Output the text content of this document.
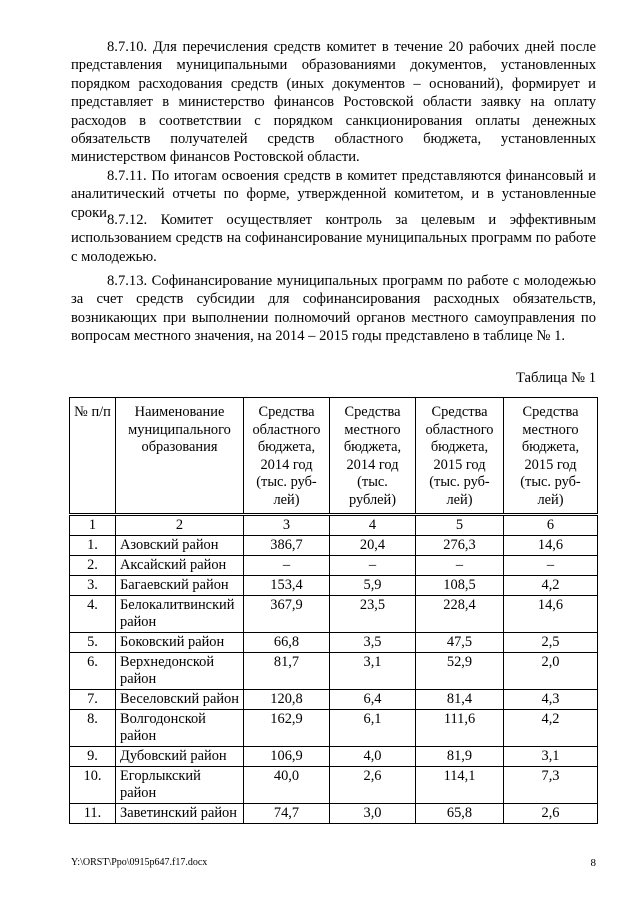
8.7.10. Для перечисления средств комитет в течение 20 рабочих дней после представления муниципальными образованиями документов, установленных порядком расходования средств (иных документов – оснований), формирует и представляет в министерство финансов Ростовской области заявку на оплату расходов в соответствии с порядком санкционирования оплаты денежных обязательств получателей средств областного бюджета, установленных министерством финансов Ростовской области.

8.7.11. По итогам освоения средств в комитет представляются финансовый и аналитический отчеты по форме, утвержденной комитетом, и в установленные сроки.

8.7.12. Комитет осуществляет контроль за целевым и эффективным использованием средств на софинансирование муниципальных программ по работе с молодежью.

8.7.13. Софинансирование муниципальных программ по работе с молодежью за счет средств субсидии для софинансирования расходных обязательств, возникающих при выполнении полномочий органов местного самоуправления по вопросам местного значения, на 2014 – 2015 годы представлено в таблице № 1.

Таблица № 1

№ п/п	Наименование муниципального образования	Средства областного бюджета, 2014 год (тыс. руб-лей)	Средства местного бюджета, 2014 год (тыс. рублей)	Средства областного бюджета, 2015 год (тыс. руб-лей)	Средства местного бюджета, 2015 год (тыс. руб-лей)
1	2	3	4	5	6
1.	Азовский район	386,7	20,4	276,3	14,6
2.	Аксайский район	–	–	–	–
3.	Багаевский район	153,4	5,9	108,5	4,2
4.	Белокалитвинский район	367,9	23,5	228,4	14,6
5.	Боковский район	66,8	3,5	47,5	2,5
6.	Верхнедонской район	81,7	3,1	52,9	2,0
7.	Веселовский район	120,8	6,4	81,4	4,3
8.	Волгодонской район	162,9	6,1	111,6	4,2
9.	Дубовский район	106,9	4,0	81,9	3,1
10.	Егорлыкский район	40,0	2,6	114,1	7,3
11.	Заветинский район	74,7	3,0	65,8	2,6
Y:\ORST\Ppo\0915p647.f17.docx	8
